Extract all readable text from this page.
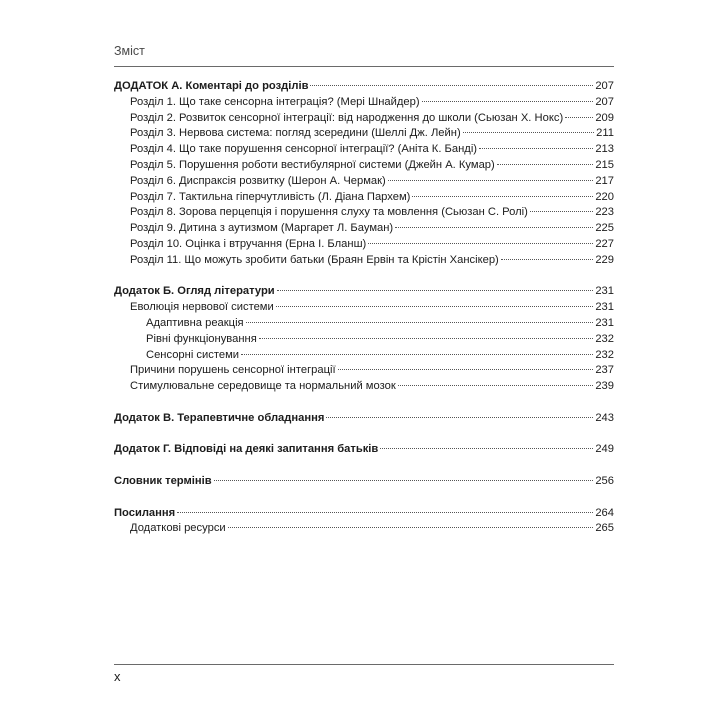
Зміст
ДОДАТОК А. Коментарі до розділів	207
Розділ 1. Що таке сенсорна інтеграція? (Мері Шнайдер)	207
Розділ 2. Розвиток сенсорної інтеграції: від народження до школи (Сьюзан Х. Нокс)	209
Розділ 3. Нервова система: погляд зсередини (Шеллі Дж. Лейн)	211
Розділ 4. Що таке порушення сенсорної інтеграції? (Аніта К. Банді)	213
Розділ 5. Порушення роботи вестибулярної системи (Джейн А. Кумар)	215
Розділ 6. Диспраксія розвитку (Шерон А. Чермак)	217
Розділ 7. Тактильна гіперчутливість (Л. Діана Пархем)	220
Розділ 8. Зорова перцепція і порушення слуху та мовлення (Сьюзан С. Ролі)	223
Розділ 9. Дитина з аутизмом (Маргарет Л. Бауман)	225
Розділ 10. Оцінка і втручання (Ерна І. Бланш)	227
Розділ 11. Що можуть зробити батьки (Браян Ервін та Крістін Хансікер)	229
Додаток Б. Огляд літератури	231
Еволюція нервової системи	231
Адаптивна реакція	231
Рівні функціонування	232
Сенсорні системи	232
Причини порушень сенсорної інтеграції	237
Стимулювальне середовище та нормальний мозок	239
Додаток В. Терапевтичне обладнання	243
Додаток Г. Відповіді на деякі запитання батьків	249
Словник термінів	256
Посилання	264
Додаткові ресурси	265
x
